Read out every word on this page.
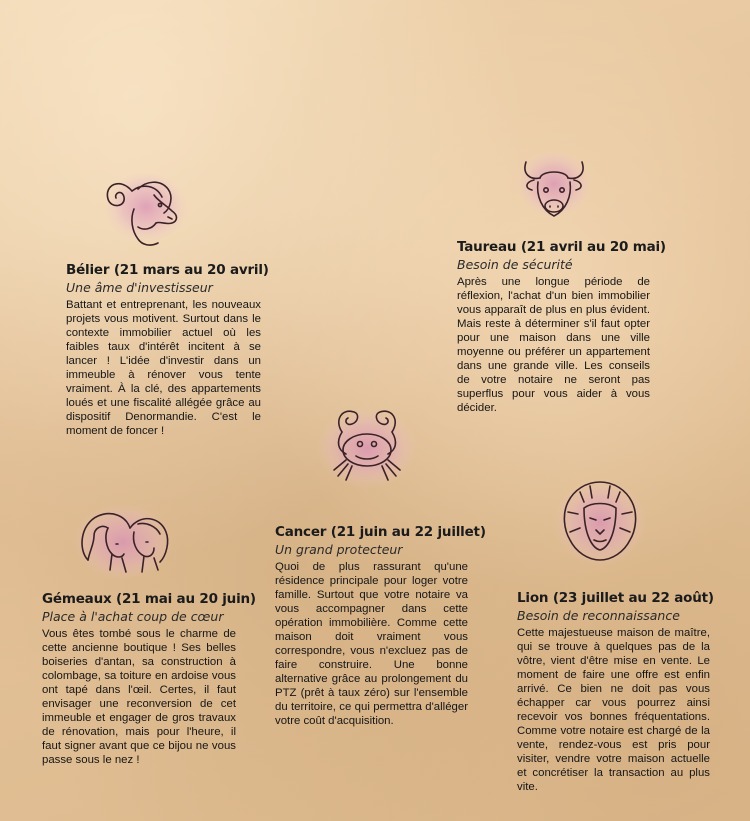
Bélier (21 mars au 20 avril)
Une âme d'investisseur
Battant et entreprenant, les nouveaux projets vous motivent. Surtout dans le contexte immobilier actuel où les faibles taux d'intérêt incitent à se lancer ! L'idée d'investir dans un immeuble à rénover vous tente vraiment. À la clé, des appartements loués et une fiscalité allégée grâce au dispositif Denormandie. C'est le moment de foncer !
Taureau (21 avril au 20 mai)
Besoin de sécurité
Après une longue période de réflexion, l'achat d'un bien immobilier vous apparaît de plus en plus évident. Mais reste à déterminer s'il faut opter pour une maison dans une ville moyenne ou préférer un appartement dans une grande ville. Les conseils de votre notaire ne seront pas superflus pour vous aider à vous décider.
Cancer (21 juin au 22 juillet)
Un grand protecteur
Quoi de plus rassurant qu'une résidence principale pour loger votre famille. Surtout que votre notaire va vous accompagner dans cette opération immobilière. Comme cette maison doit vraiment vous correspondre, vous n'excluez pas de faire construire. Une bonne alternative grâce au prolongement du PTZ (prêt à taux zéro) sur l'ensemble du territoire, ce qui permettra d'alléger votre coût d'acquisition.
Gémeaux (21 mai au 20 juin)
Place à l'achat coup de cœur
Vous êtes tombé sous le charme de cette ancienne boutique ! Ses belles boiseries d'antan, sa construction à colombage, sa toiture en ardoise vous ont tapé dans l'œil. Certes, il faut envisager une reconversion de cet immeuble et engager de gros travaux de rénovation, mais pour l'heure, il faut signer avant que ce bijou ne vous passe sous le nez !
Lion (23 juillet au 22 août)
Besoin de reconnaissance
Cette majestueuse maison de maître, qui se trouve à quelques pas de la vôtre, vient d'être mise en vente. Le moment de faire une offre est enfin arrivé. Ce bien ne doit pas vous échapper car vous pourrez ainsi recevoir vos bonnes fréquentations. Comme votre notaire est chargé de la vente, rendez-vous est pris pour visiter, vendre votre maison actuelle et concrétiser la transaction au plus vite.
